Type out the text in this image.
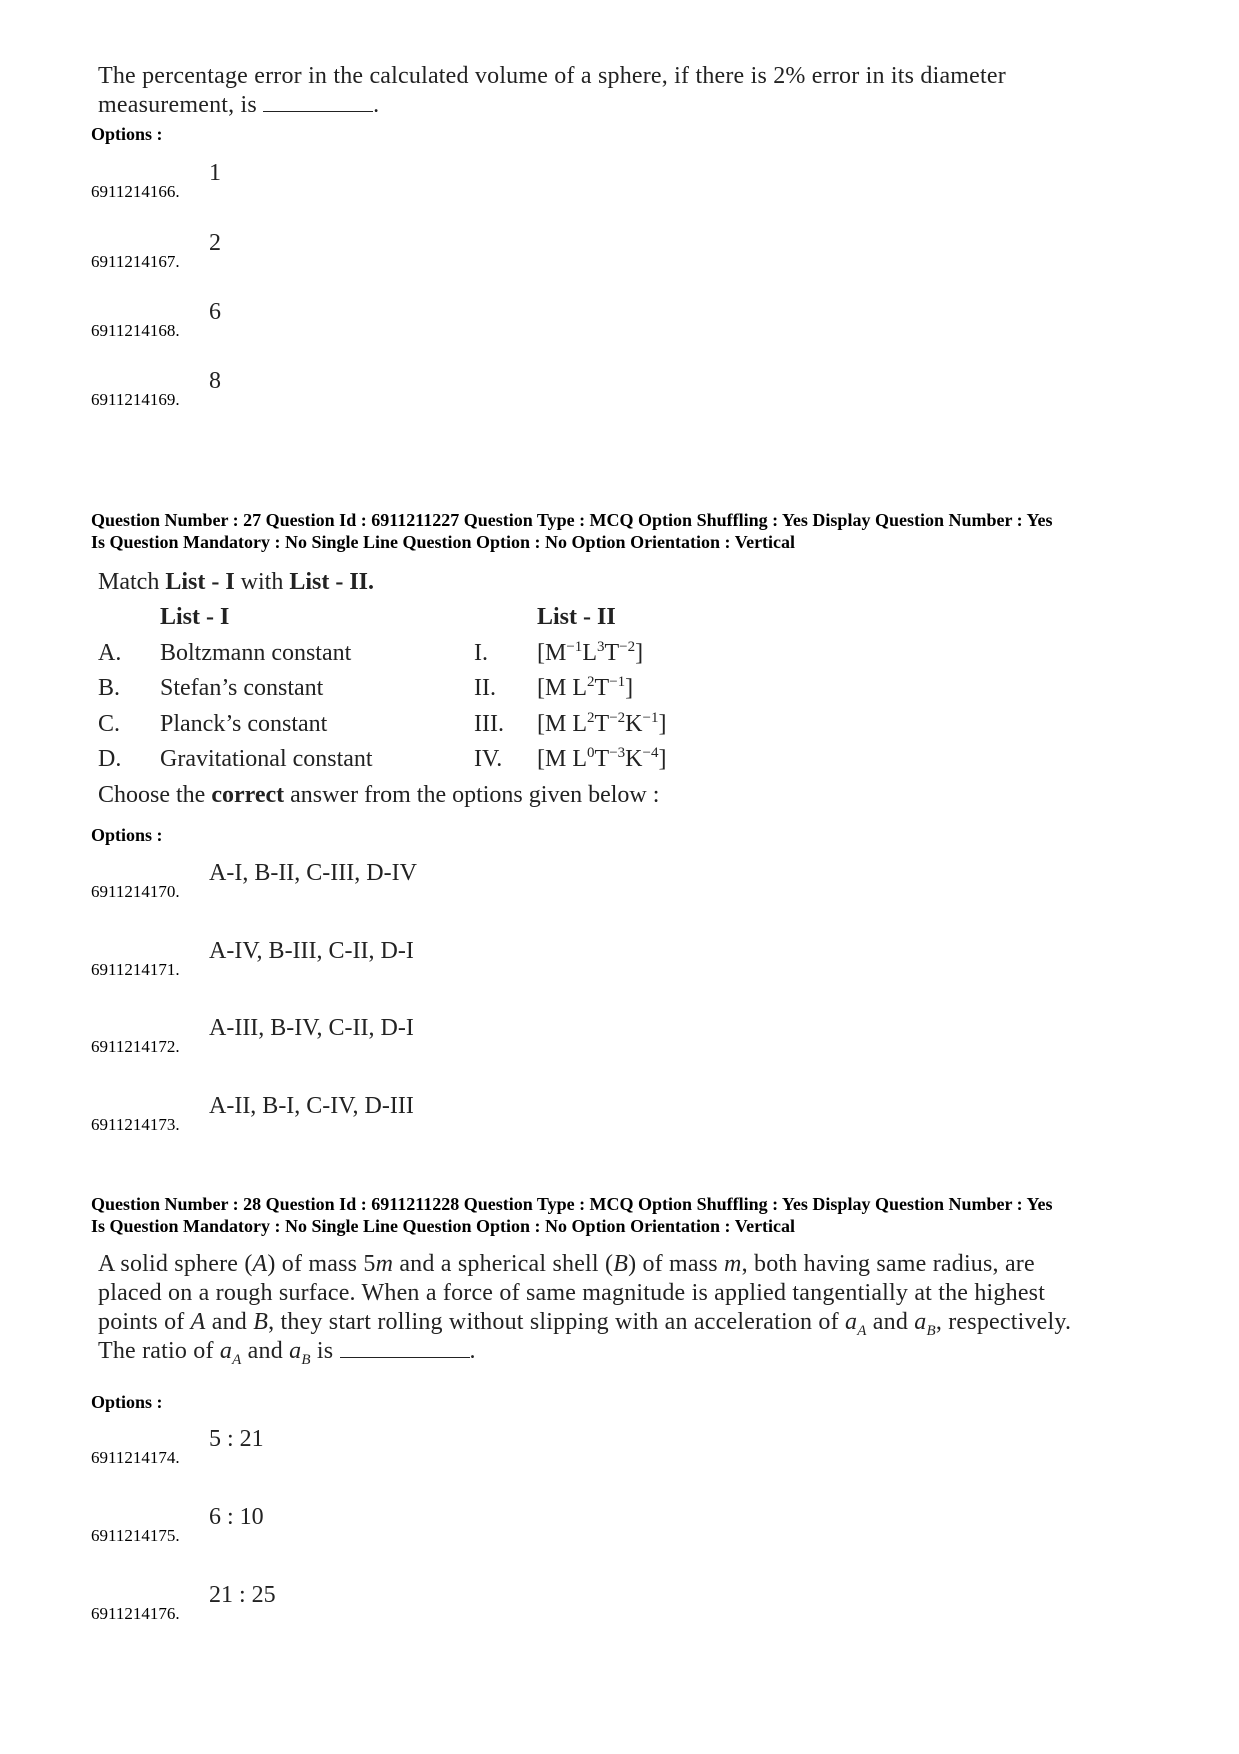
The percentage error in the calculated volume of a sphere, if there is 2% error in its diameter
measurement, is	.
Options :
6911214166.
1
6911214167.
2
6911214168.
6
6911214169.
8
Question Number : 27 Question Id : 6911211227 Question Type : MCQ Option Shuffling : Yes Display Question Number : Yes
Is Question Mandatory : No Single Line Question Option : No Option Orientation : Vertical
Match List - I with List - II.
List - I	List - II
A. Boltzmann constant	I. $[M^{-1}L^3T^{-2}]$
B. Stefan’s constant	II. [M $L^2T^{-1}$]
C. Planck’s constant	III. [M $L^2T^{-2}K^{-1}$]
D. Gravitational constant	IV. [M $L^0T^{-3}K^{-4}$]
Choose the correct answer from the options given below :
Options :
6911214170.
A-I, B-II, C-III, D-IV
6911214171.
A-IV, B-III, C-II, D-I
6911214172.
A-III, B-IV, C-II, D-I
6911214173.
A-II, B-I, C-IV, D-III
Question Number : 28 Question Id : 6911211228 Question Type : MCQ Option Shuffling : Yes Display Question Number : Yes
Is Question Mandatory : No Single Line Question Option : No Option Orientation : Vertical
A solid sphere (A) of mass 5m and a spherical shell (B) of mass m, both having same radius, are
placed on a rough surface. When a force of same magnitude is applied tangentially at the highest
points of A and B, they start rolling without slipping with an acceleration of $a_A$ and $a_B$, respectively.
The ratio of $a_A$ and $a_B$ is	.
Options :
6911214174.
5 : 21
6911214175.
6 : 10
6911214176.
21 : 25
